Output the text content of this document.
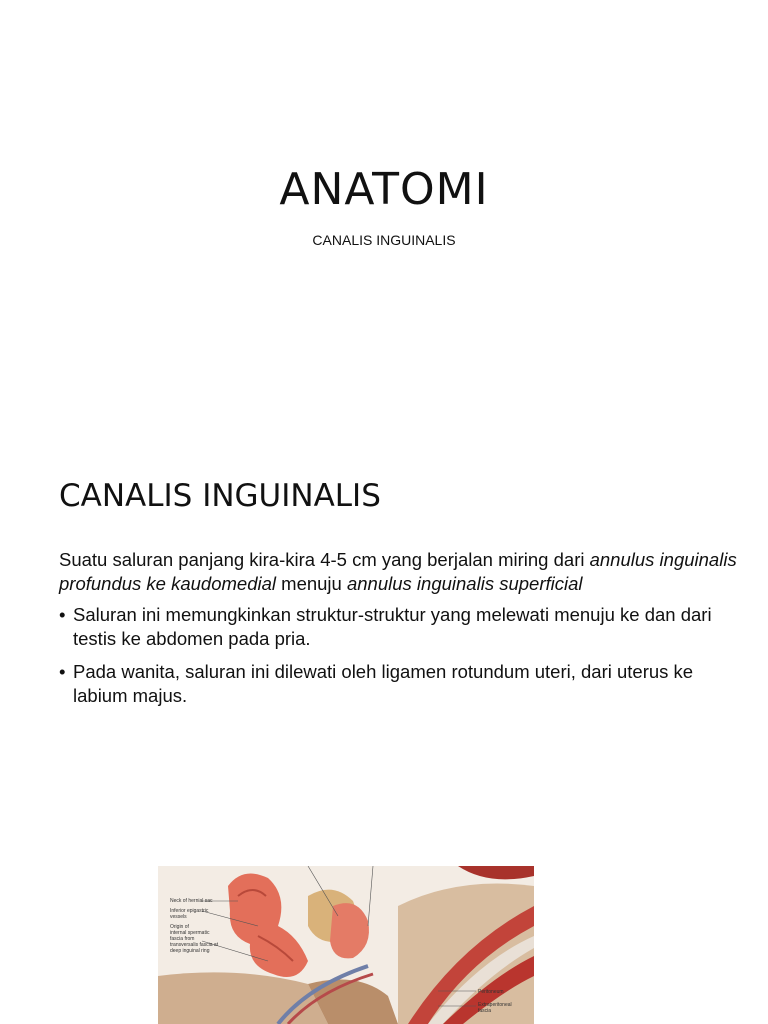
ANATOMI
CANALIS INGUINALIS
CANALIS INGUINALIS

Suatu saluran panjang kira-kira 4-5 cm yang berjalan miring dari annulus inguinalis profundus ke kaudomedial menuju annulus inguinalis superficial

• Saluran ini memungkinkan struktur-struktur yang melewati menuju ke dan dari testis ke abdomen pada pria.
• Pada wanita, saluran ini dilewati oleh ligamen rotundum uteri, dari uterus ke labium majus.
Neck of hernial sac
Inferior epigastric
vessels
Origin of
internal spermatic
fascia from
transversalis fascia at
deep inguinal ring
Peritoneum
Extraperitoneal
fascia
